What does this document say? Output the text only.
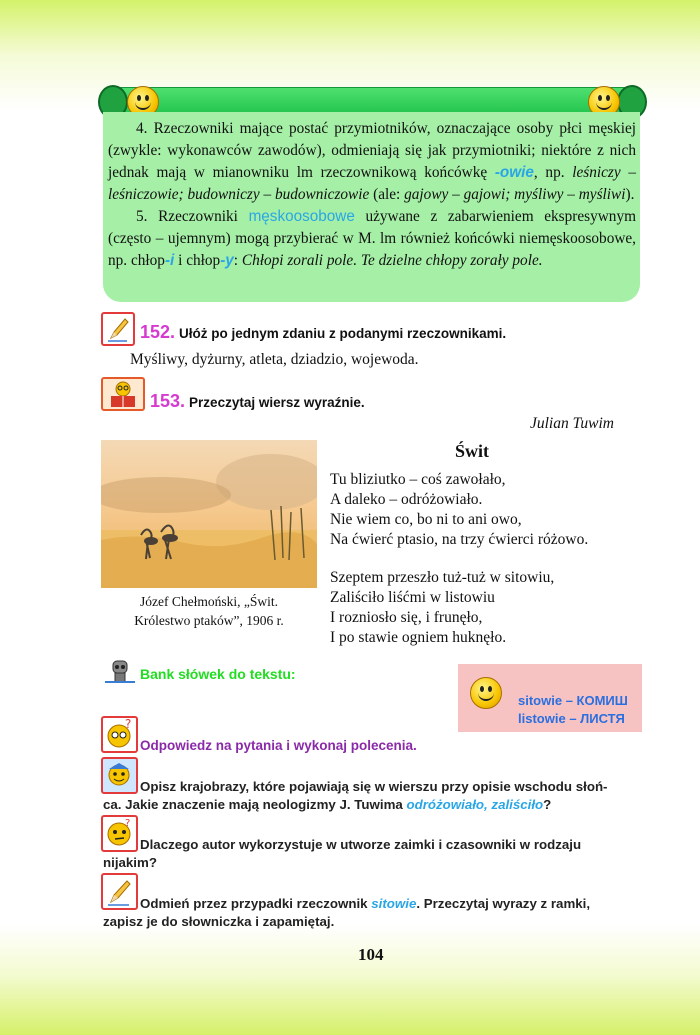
4. Rzeczowniki mające postać przymiotników, oznaczające osoby płci męskiej (zwykle: wykonawców zawodów), odmieniają się jak przymiotniki; niektóre z nich jednak mają w mianowniku lm rzeczownikową końcówkę -owie, np. leśniczy – leśniczowie; budowniczy – budowniczowie (ale: gajowy – gajowi; myśliwy – myśliwi).

5. Rzeczowniki męskoosobowe używane z zabarwieniem ekspresywnym (często – ujemnym) mogą przybierać w M. lm również końcówki niemęskoosobowe, np. chłop-i i chłop-y: Chłopi zorali pole. Te dzielne chłopy zorały pole.

152. Ułóż po jednym zdaniu z podanymi rzeczownikami.
Myśliwy, dyżurny, atleta, dziadzio, wojewoda.
153. Przeczytaj wiersz wyraźnie.
Julian Tuwim
Świt
Tu bliziutko – coś zawołało,
A daleko – odróżowiało.
Nie wiem co, bo ni to ani owo,
Na ćwierć ptasio, na trzy ćwierci różowo.
Szeptem przeszło tuż-tuż w sitowiu,
Zaliściło liśćmi w listowiu
I rozniosło się, i frunęło,
I po stawie ogniem huknęło.
Józef Chełmoński, „Świt.
Królestwo ptaków”, 1906 r.
Bank słówek do tekstu:
sitowie – КОМИШ
listowie – ЛИСТЯ
?
Odpowiedz na pytania i wykonaj polecenia.
Opisz krajobrazy, które pojawiają się w wierszu przy opisie wschodu słoń-
ca. Jakie znaczenie mają neologizmy J. Tuwima odróżowiało, zaliściło?
?
Dlaczego autor wykorzystuje w utworze zaimki i czasowniki w rodzaju
nijakim?
Odmień przez przypadki rzeczownik sitowie. Przeczytaj wyrazy z ramki,
zapisz je do słowniczka i zapamiętaj.
104
